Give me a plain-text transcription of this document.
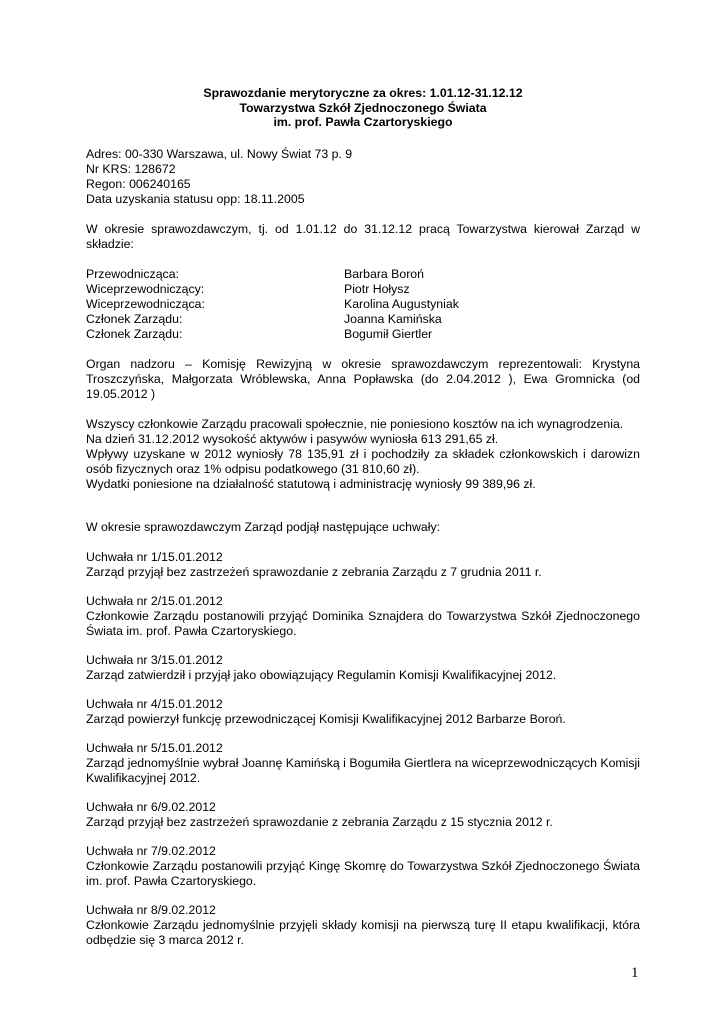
Sprawozdanie merytoryczne za okres: 1.01.12-31.12.12
Towarzystwa Szkół Zjednoczonego Świata
im. prof. Pawła Czartoryskiego

Adres: 00-330 Warszawa, ul. Nowy Świat 73 p. 9

Nr KRS: 128672

Regon: 006240165

Data uzyskania statusu opp: 18.11.2005

W okresie sprawozdawczym, tj. od 1.01.12 do 31.12.12 pracą Towarzystwa kierował Zarząd w składzie:

Przewodnicząca:	Barbara Boroń
Wiceprzewodniczący:	Piotr Hołysz
Wiceprzewodnicząca:	Karolina Augustyniak
Członek Zarządu:	Joanna Kamińska
Członek Zarządu:	Bogumił Giertler

Organ nadzoru – Komisję Rewizyjną w okresie sprawozdawczym reprezentowali: Krystyna Troszczyńska, Małgorzata Wróblewska, Anna Popławska (do 2.04.2012 ), Ewa Gromnicka (od 19.05.2012 )

Wszyscy członkowie Zarządu pracowali społecznie, nie poniesiono kosztów na ich wynagrodzenia.

Na dzień 31.12.2012 wysokość aktywów i pasywów wyniosła 613 291,65 zł.

Wpływy uzyskane w 2012 wyniosły 78 135,91 zł i pochodziły za składek członkowskich i darowizn osób fizycznych oraz 1% odpisu podatkowego (31 810,60 zł).

Wydatki poniesione na działalność statutową i administrację wyniosły 99 389,96 zł.

W okresie sprawozdawczym Zarząd podjął następujące uchwały:

Uchwała nr 1/15.01.2012

Zarząd przyjął bez zastrzeżeń sprawozdanie z zebrania Zarządu z 7 grudnia 2011 r.

Uchwała nr 2/15.01.2012

Członkowie Zarządu postanowili przyjąć Dominika Sznajdera do Towarzystwa Szkół Zjednoczonego Świata im. prof. Pawła Czartoryskiego.

Uchwała nr 3/15.01.2012

Zarząd zatwierdził i przyjął jako obowiązujący Regulamin Komisji Kwalifikacyjnej 2012.

Uchwała nr 4/15.01.2012

Zarząd powierzył funkcję przewodniczącej Komisji Kwalifikacyjnej 2012 Barbarze Boroń.

Uchwała nr 5/15.01.2012

Zarząd jednomyślnie wybrał Joannę Kamińską i Bogumiła Giertlera na wiceprzewodniczących Komisji Kwalifikacyjnej 2012.

Uchwała nr 6/9.02.2012

Zarząd przyjął bez zastrzeżeń sprawozdanie z zebrania Zarządu z 15 stycznia 2012 r.

Uchwała nr 7/9.02.2012

Członkowie Zarządu postanowili przyjąć Kingę Skomrę do Towarzystwa Szkół Zjednoczonego Świata im. prof. Pawła Czartoryskiego.

Uchwała nr 8/9.02.2012

Członkowie Zarządu jednomyślnie przyjęli składy komisji na pierwszą turę II etapu kwalifikacji, która odbędzie się 3 marca 2012 r.

1
